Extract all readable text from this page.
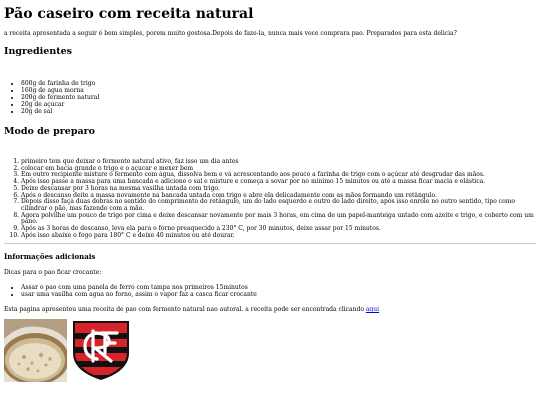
Pão caseiro com receita natural

a receita apresentada a seguir é bem simples, porem muito gostosa.Depois de faze-la, nunca mais voce comprara pao. Preparados para esta delicia?

Ingredientes
• 800g de farinha de trigo
• 160g de agua morna
• 200g de fermento natural
• 20g de açucar
• 20g de sal
Modo de preparo
1. primeiro tem que deixar o fermento natural ativo, faz isso um dia antes
2. colocar em bacia grande o trigo e o açucar e mexer bem
3. Em outro recipiente misture o fermento com água, dissolva bem e vá acrescentando aos pouco a farinha de trigo com o açúcar até desgrudar das mãos.
4. Após isso passe a massa para uma bancada e adicione o sal e misture e começa a sovar por no mínimo 15 minutos ou até a massa ficar macia e elástica.
5. Deixe descansar por 3 horas na mesma vasilha untada com trigo.
6. Após o descanso deite a massa novamente na bancada untada com trigo e abre ela delicadamente com as mãos formando um retângulo.
7. Depois disso faça duas dobras no sentido do comprimento do retângulo, um do lado esquerdo e outro do lado direito, após isso enrole no outro sentido, tipo como cilindrar o pão, mas fazendo com a mão.
8. Agora polvilhe um pouco de trigo por cima e deixe descansar novamente por mais 3 horas, em cima de um papel-manteiga untado com azeite e trigo, e coberto com um pano.
9. Após as 3 horas de descanso, leva ela para o forno preaquecido a 230° C, por 30 minutos, deixe assar por 15 minutos.
10. Após isso abaixe o fogo para 180° C e deixe 40 minutos ou até dourar.
Informações adicionais

Dicas para o pao ficar crocante:

• Assar o pao com uma panela de ferro com tampa nos primeiros 15minutos
• usar uma vasilha com agua no forno, assim o vapor faz a casca ficar crocante

Esta pagina apresentou uma receita de pao com fermento natural nao autoral. a receita pode ser encontrada clicando aqui
